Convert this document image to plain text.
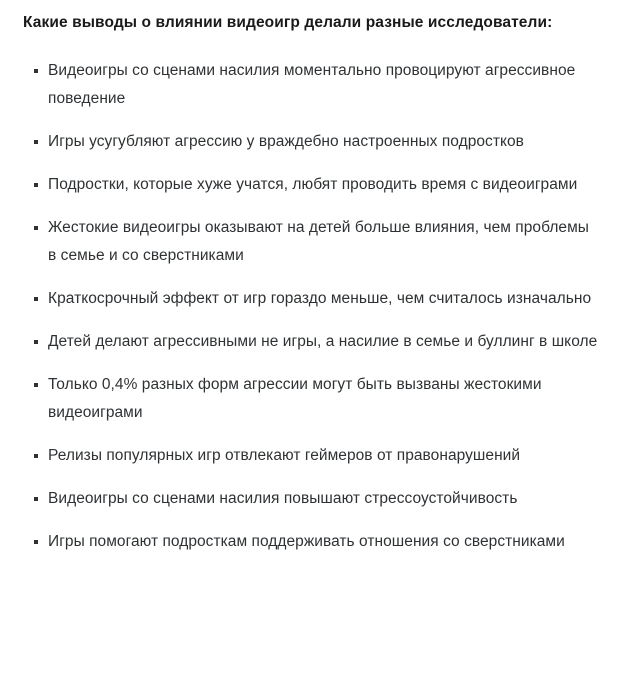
Какие выводы о влиянии видеоигр делали разные исследователи:
Видеоигры со сценами насилия моментально провоцируют агрессивное поведение
Игры усугубляют агрессию у враждебно настроенных подростков
Подростки, которые хуже учатся, любят проводить время с видеоиграми
Жестокие видеоигры оказывают на детей больше влияния, чем проблемы в семье и со сверстниками
Краткосрочный эффект от игр гораздо меньше, чем считалось изначально
Детей делают агрессивными не игры, а насилие в семье и буллинг в школе
Только 0,4% разных форм агрессии могут быть вызваны жестокими видеоиграми
Релизы популярных игр отвлекают геймеров от правонарушений
Видеоигры со сценами насилия повышают стрессоустойчивость
Игры помогают подросткам поддерживать отношения со сверстниками
